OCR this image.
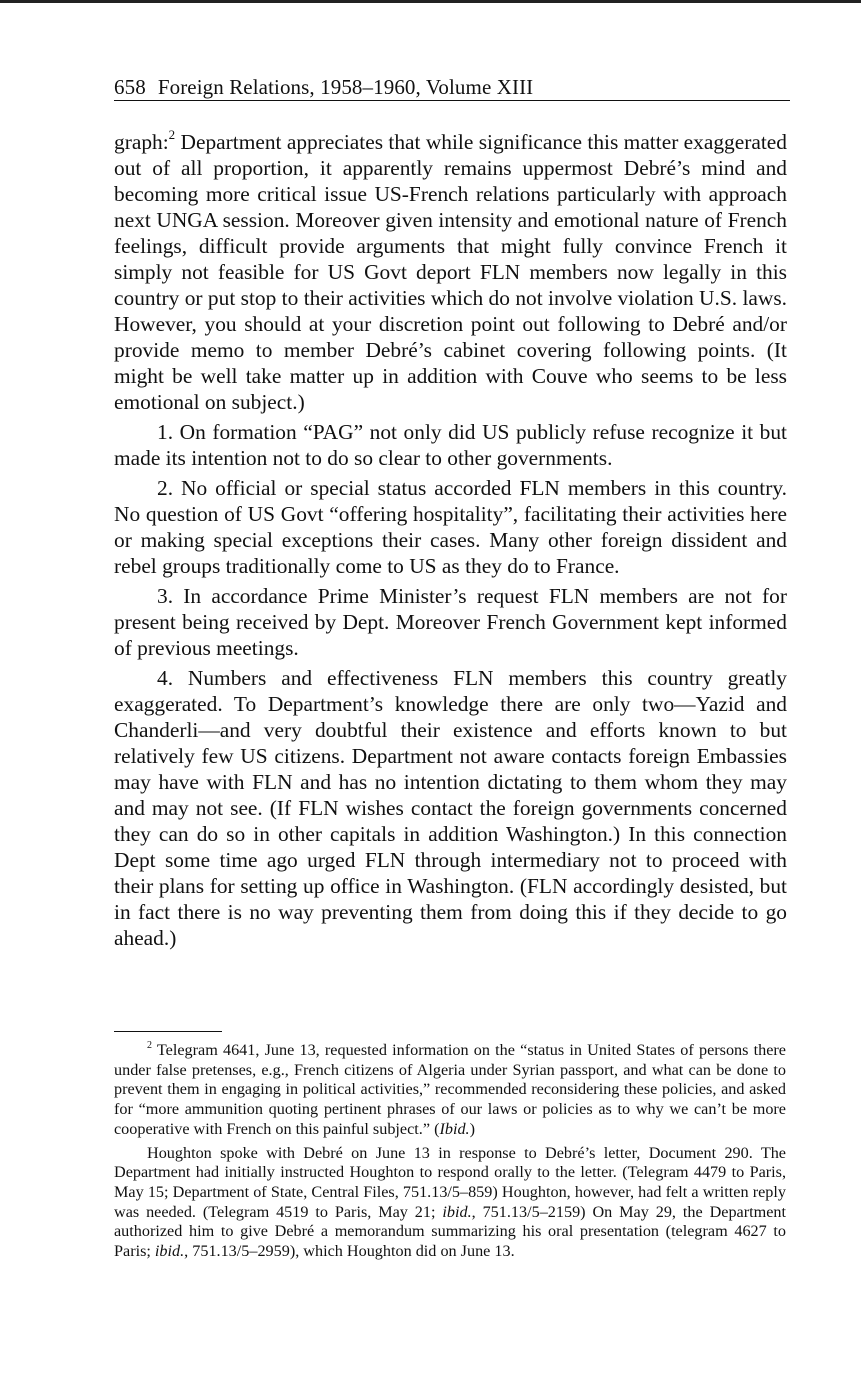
658 Foreign Relations, 1958–1960, Volume XIII

graph:$^2$ Department appreciates that while significance this matter exaggerated out of all proportion, it apparently remains uppermost Debré’s mind and becoming more critical issue US-French relations particularly with approach next UNGA session. Moreover given intensity and emotional nature of French feelings, difficult provide arguments that might fully convince French it simply not feasible for US Govt deport FLN members now legally in this country or put stop to their activities which do not involve violation U.S. laws. However, you should at your discretion point out following to Debré and/or provide memo to member Debré’s cabinet covering following points. (It might be well take matter up in addition with Couve who seems to be less emotional on subject.)

1. On formation “PAG” not only did US publicly refuse recognize it but made its intention not to do so clear to other governments.

2. No official or special status accorded FLN members in this country. No question of US Govt “offering hospitality”, facilitating their activities here or making special exceptions their cases. Many other foreign dissident and rebel groups traditionally come to US as they do to France.

3. In accordance Prime Minister’s request FLN members are not for present being received by Dept. Moreover French Government kept informed of previous meetings.

4. Numbers and effectiveness FLN members this country greatly exaggerated. To Department’s knowledge there are only two—Yazid and Chanderli—and very doubtful their existence and efforts known to but relatively few US citizens. Department not aware contacts foreign Embassies may have with FLN and has no intention dictating to them whom they may and may not see. (If FLN wishes contact the foreign governments concerned they can do so in other capitals in addition Washington.) In this connection Dept some time ago urged FLN through intermediary not to proceed with their plans for setting up office in Washington. (FLN accordingly desisted, but in fact there is no way preventing them from doing this if they decide to go ahead.)

$^2$ Telegram 4641, June 13, requested information on the “status in United States of persons there under false pretenses, e.g., French citizens of Algeria under Syrian passport, and what can be done to prevent them in engaging in political activities,” recommended reconsidering these policies, and asked for “more ammunition quoting pertinent phrases of our laws or policies as to why we can’t be more cooperative with French on this painful subject.” (Ibid.)

Houghton spoke with Debré on June 13 in response to Debré’s letter, Document 290. The Department had initially instructed Houghton to respond orally to the letter. (Telegram 4479 to Paris, May 15; Department of State, Central Files, 751.13/5–859) Houghton, however, had felt a written reply was needed. (Telegram 4519 to Paris, May 21; ibid., 751.13/5–2159) On May 29, the Department authorized him to give Debré a memorandum summarizing his oral presentation (telegram 4627 to Paris; ibid., 751.13/5–2959), which Houghton did on June 13.
